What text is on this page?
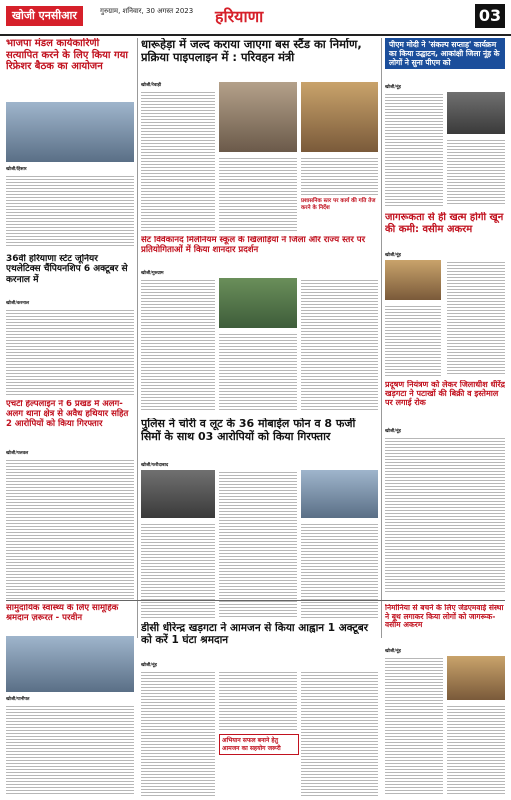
खोजी एनसीआर	गुरुग्राम, शनिवार, 30 अगस्त 2023 हरियाणा	03
भाजपा मंडल कार्यकारिणी सत्यापित करने के लिए किया गया रिफ्रेशर बैठक का आयोजन
खोजी/हिसार
धारूहेड़ा में जल्द कराया जाएगा बस स्टैंड का निर्माण, प्रक्रिया पाइपलाइन में : परिवहन मंत्री
खोजी/रेवाड़ी
प्रशासनिक स्तर पर कार्य की गति तेज करने के निर्देश
पीएम मोदी ने 'संकल्प सप्ताह' कार्यक्रम का किया उद्घाटन, आकांक्षी जिला नूंह के लोगों ने सुना पीएम को
खोजी/नूंह
36वीं हरियाणा स्टेट जूनियर एथलेटिक्स चैंपियनशिप 6 अक्टूबर से करनाल में
खोजी/करनाल
सेंट विवेकानंद मिलेनियम स्कूल के खिलाड़ियों ने जिला और राज्य स्तर पर प्रतियोगिताओं में किया शानदार प्रदर्शन
खोजी/गुरुग्राम
जागरूकता से ही खत्म होगी खून की कमी: वसीम अकरम
खोजी/नूंह
एचटी हेल्पलाइन ने 6 प्रखंड में अलग-अलग थाना क्षेत्र से अवैध हथियार सहित 2 आरोपियों को किया गिरफ्तार
खोजी/पलवल
पुलिस ने चोरी व लूट के 36 मोबाईल फोन व 8 फर्जी सिमों के साथ 03 आरोपियों को किया गिरफ्तार
खोजी/फरीदाबाद
प्रदूषण नियंत्रण को लेकर जिलाधीश धीरेंद्र खड़गटा ने पटाखों की बिक्री व इस्तेमाल पर लगाई रोक
खोजी/नूंह
सामुदायिक स्वास्थ्य के लिए सामूहिक श्रमदान ज़रूरत - परवीन
खोजी/पानीपत
डीसी धीरेन्द्र खड़गटा ने आमजन से किया आह्वान 1 अक्टूबर को करें 1 घंटा श्रमदान
खोजी/नूंह
अभियान सफल बनाने हेतु आमजन का सहयोग जरूरी
निमोनिया से बचने के लिए जेडएमवाई संस्था ने बूथ लगाकर किया लोगों को जागरूक-वसीम अकरम
खोजी/नूंह
